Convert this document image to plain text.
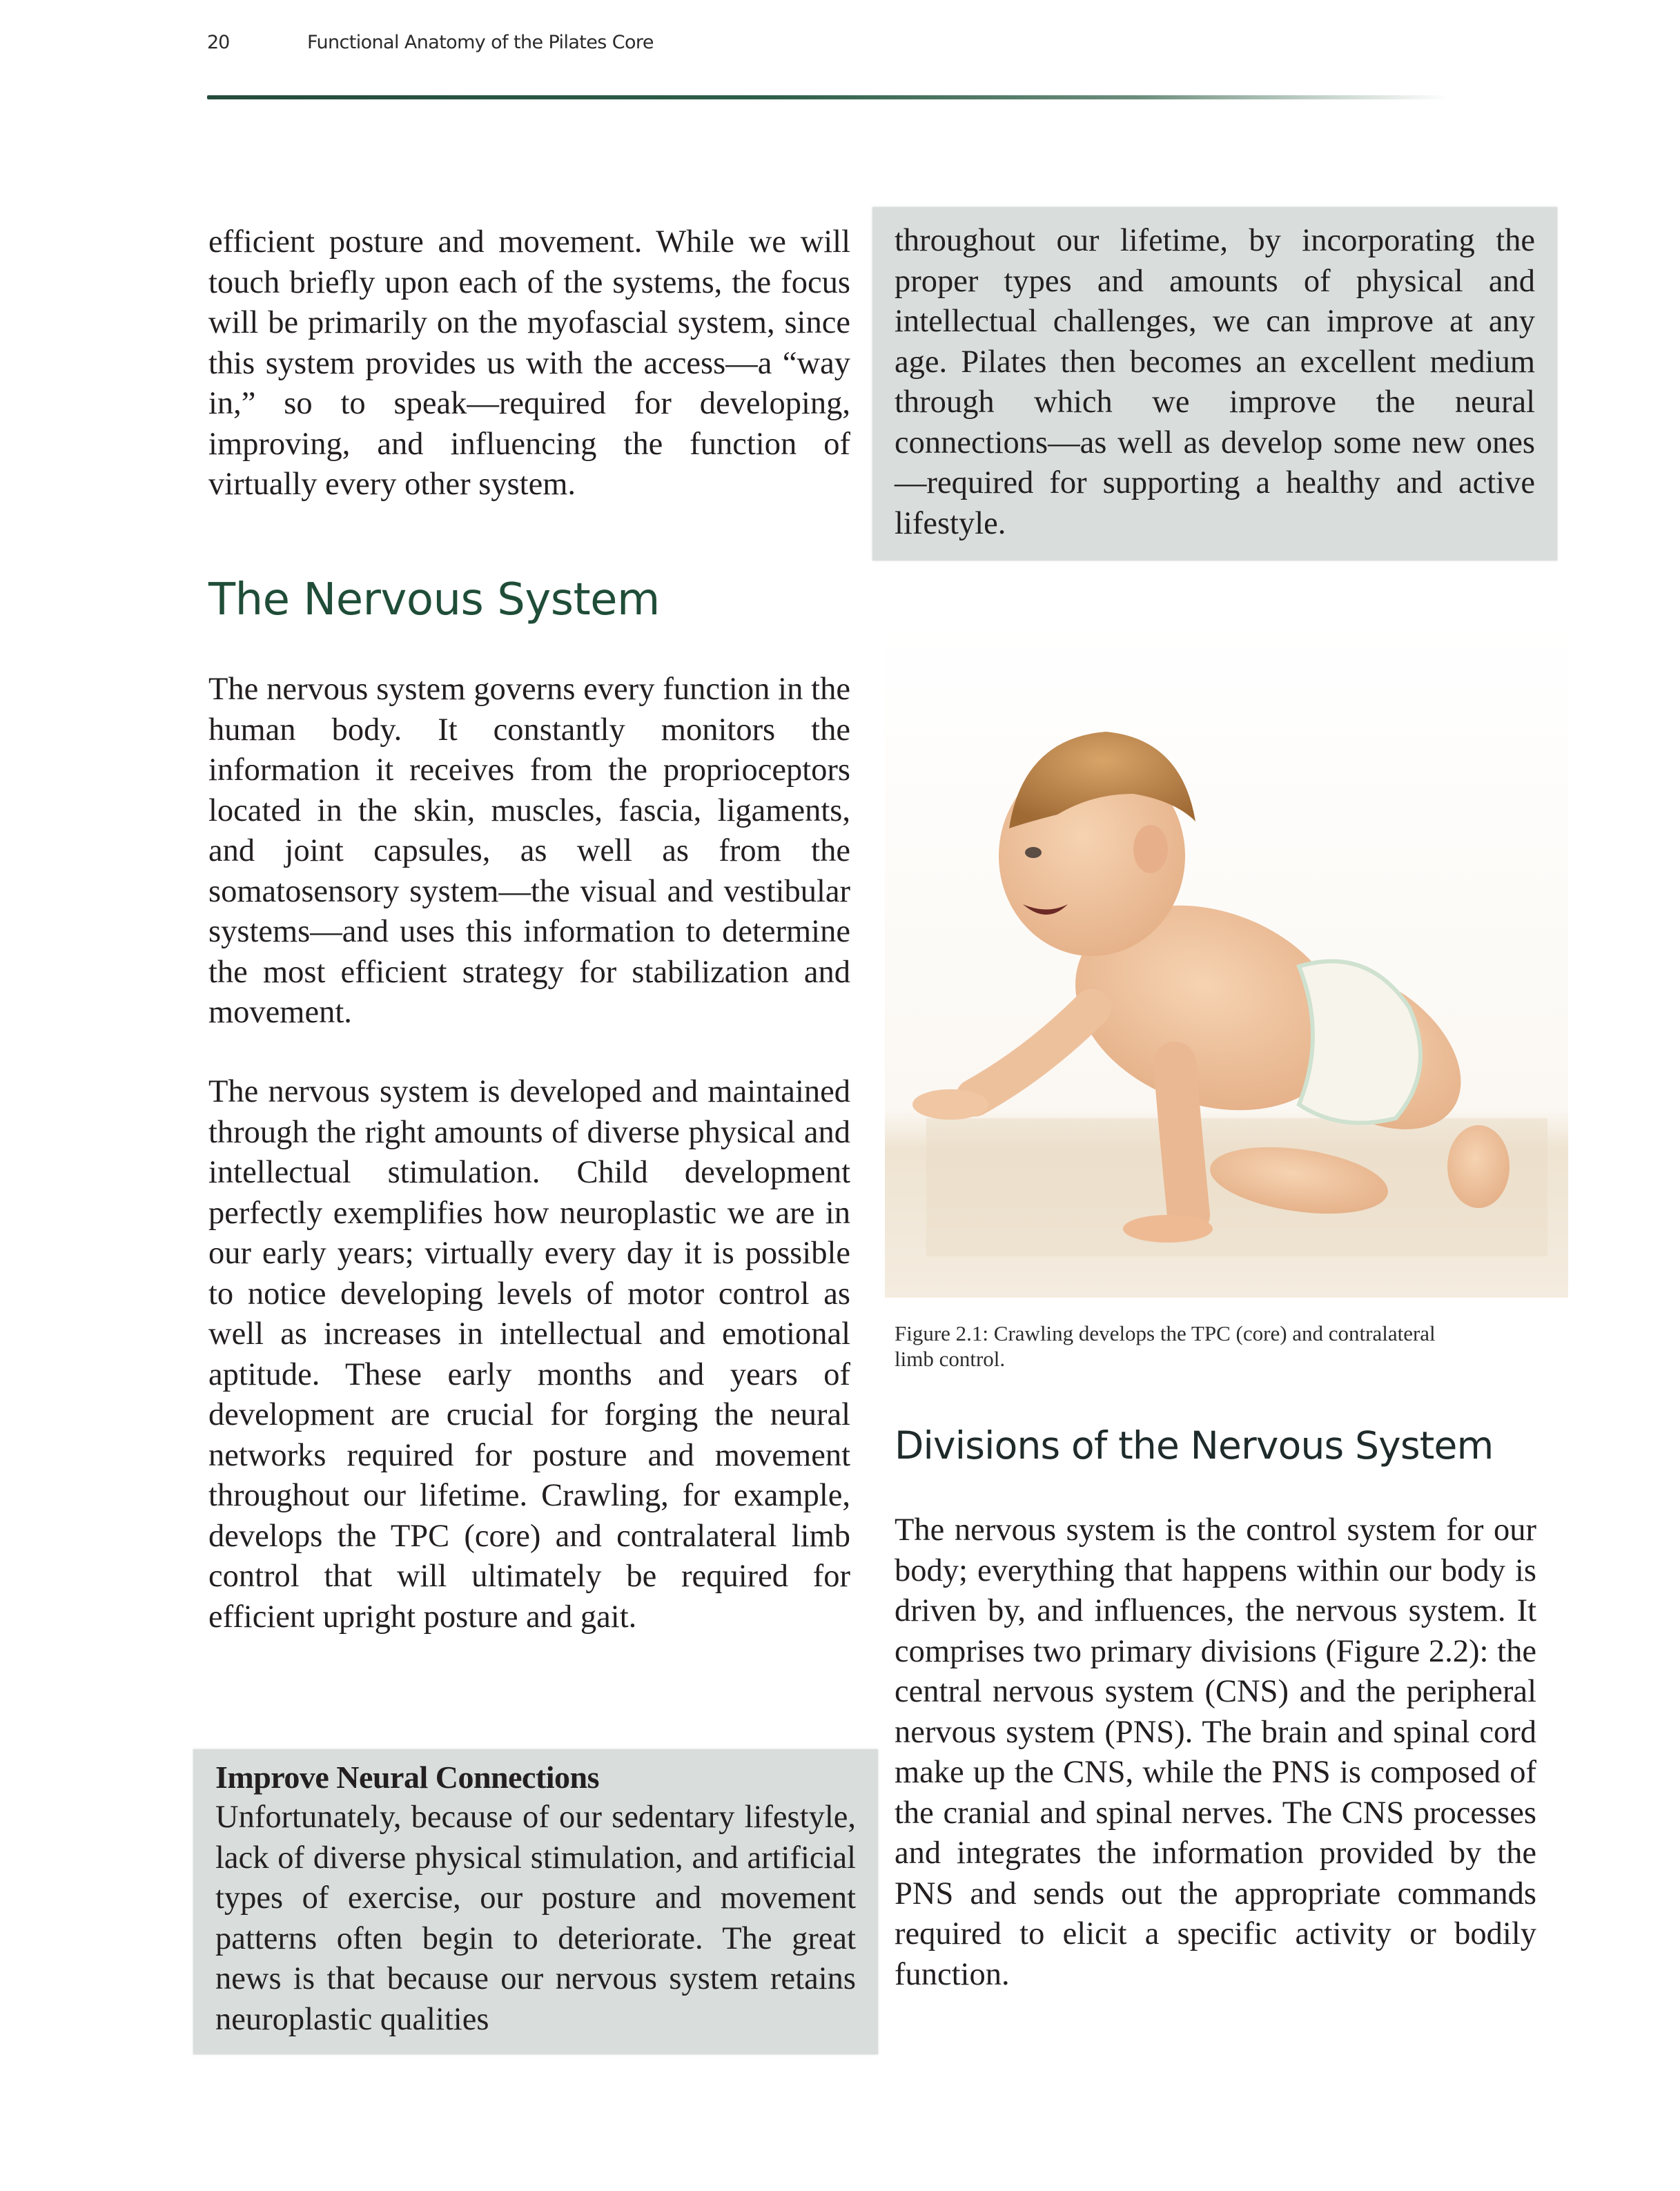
20	Functional Anatomy of the Pilates Core

efficient posture and movement. While we will touch briefly upon each of the systems, the focus will be primarily on the myofascial system, since this system provides us with the access—a “way in,” so to speak—required for developing, improving, and influencing the function of virtually every other system.

The Nervous System

The nervous system governs every function in the human body. It constantly monitors the information it receives from the proprioceptors located in the skin, muscles, fascia, ligaments, and joint capsules, as well as from the somatosensory system—the visual and vestibular systems—and uses this information to determine the most efficient strategy for stabilization and movement.

The nervous system is developed and maintained through the right amounts of diverse physical and intellectual stimulation. Child development perfectly exemplifies how neuroplastic we are in our early years; virtually every day it is possible to notice developing levels of motor control as well as increases in intellectual and emotional aptitude. These early months and years of development are crucial for forging the neural networks required for posture and movement throughout our lifetime. Crawling, for example, develops the TPC (core) and contralateral limb control that will ultimately be required for efficient upright posture and gait.

Improve Neural Connections

Unfortunately, because of our sedentary lifestyle, lack of diverse physical stimulation, and artificial types of exercise, our posture and movement patterns often begin to deteriorate. The great news is that because our nervous system retains neuroplastic qualities

throughout our lifetime, by incorporating the proper types and amounts of physical and intellectual challenges, we can improve at any age. Pilates then becomes an excellent medium through which we improve the neural connections—as well as develop some new ones—required for supporting a healthy and active lifestyle.

Figure 2.1: Crawling develops the TPC (core) and contralateral limb control.
Divisions of the Nervous System

The nervous system is the control system for our body; everything that happens within our body is driven by, and influences, the nervous system. It comprises two primary divisions (Figure 2.2): the central nervous system (CNS) and the peripheral nervous system (PNS). The brain and spinal cord make up the CNS, while the PNS is composed of the cranial and spinal nerves. The CNS processes and integrates the information provided by the PNS and sends out the appropriate commands required to elicit a specific activity or bodily function.
